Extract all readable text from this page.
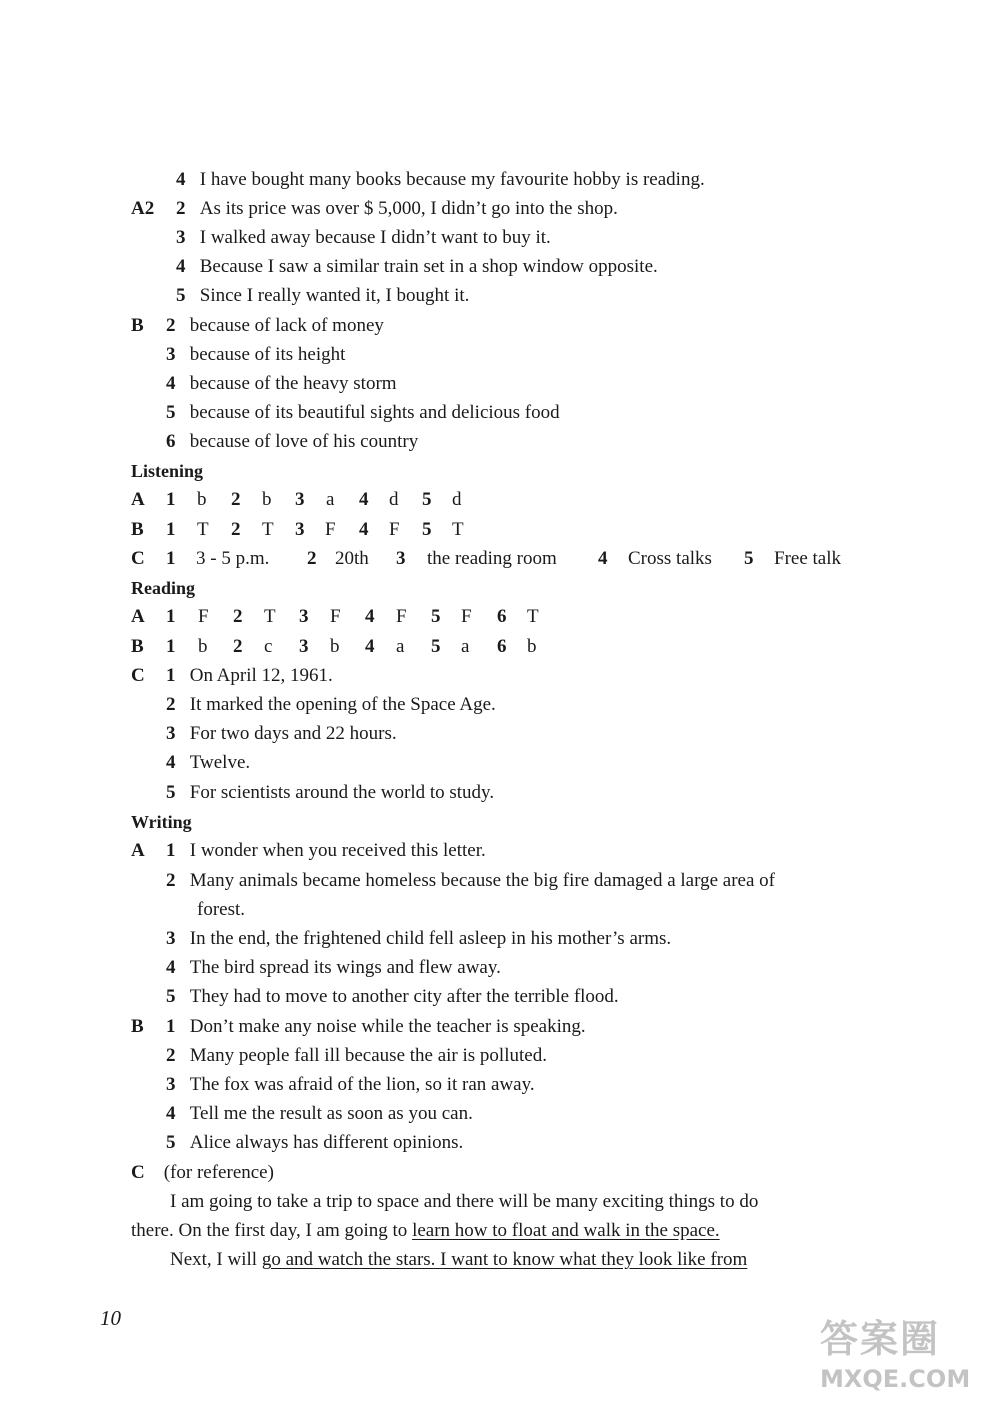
4 I have bought many books because my favourite hobby is reading.
A2 2 As its price was over $ 5,000, I didn’t go into the shop.
3 I walked away because I didn’t want to buy it.
4 Because I saw a similar train set in a shop window opposite.
5 Since I really wanted it, I bought it.
B 2 because of lack of money
3 because of its height
4 because of the heavy storm
5 because of its beautiful sights and delicious food
6 because of love of his country
Listening
A 1 b 2 b 3 a 4 d 5 d
B 1 T 2 T 3 F 4 F 5 T
C 1 3 - 5 p.m. 2 20th 3 the reading room 4 Cross talks 5 Free talk
Reading
A 1 F 2 T 3 F 4 F 5 F 6 T
B 1 b 2 c 3 b 4 a 5 a 6 b
C 1 On April 12, 1961.
2 It marked the opening of the Space Age.
3 For two days and 22 hours.
4 Twelve.
5 For scientists around the world to study.
Writing
A 1 I wonder when you received this letter.
2 Many animals became homeless because the big fire damaged a large area of
forest.
3 In the end, the frightened child fell asleep in his mother’s arms.
4 The bird spread its wings and flew away.
5 They had to move to another city after the terrible flood.
B 1 Don’t make any noise while the teacher is speaking.
2 Many people fall ill because the air is polluted.
3 The fox was afraid of the lion, so it ran away.
4 Tell me the result as soon as you can.
5 Alice always has different opinions.
C (for reference)
I am going to take a trip to space and there will be many exciting things to do
there. On the first day, I am going to learn how to float and walk in the space.
Next, I will go and watch the stars. I want to know what they look like from
10	答案圈
MXQE.COM
